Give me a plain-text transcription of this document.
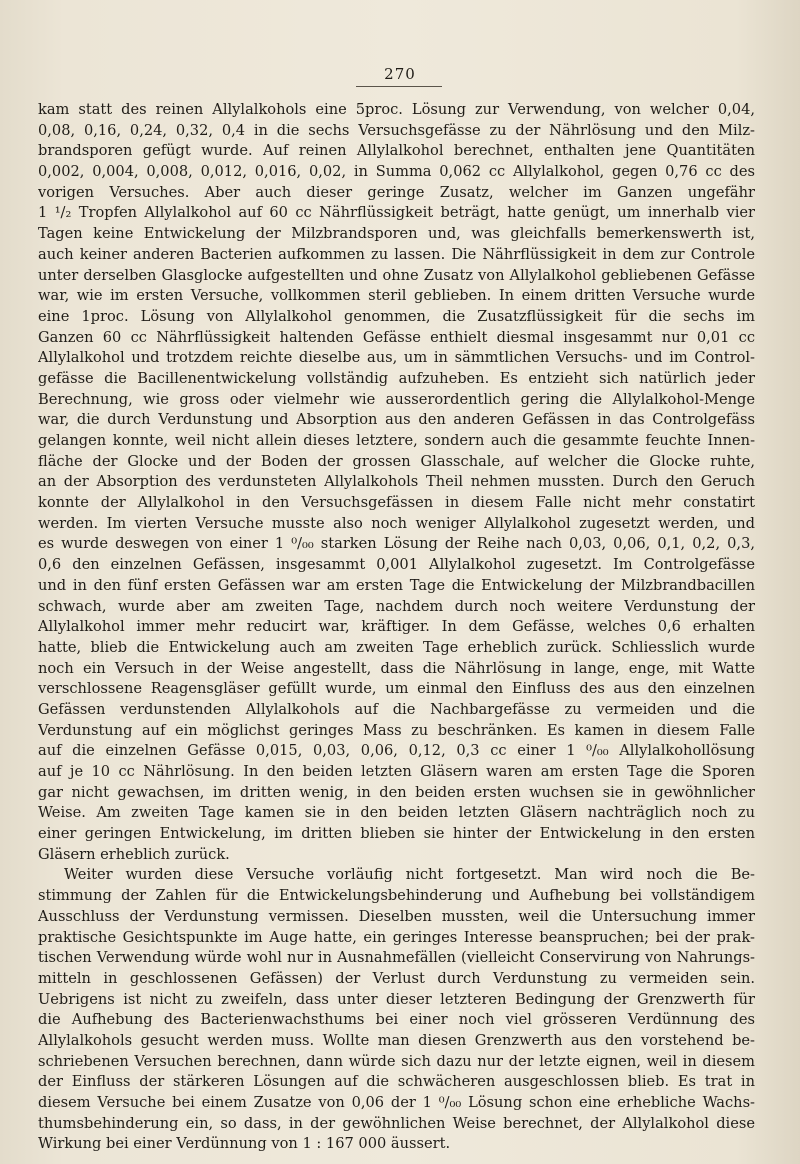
270
kam statt des reinen Allylalkohols eine 5proc. Lösung zur Verwendung, von welcher 0,04,
0,08, 0,16, 0,24, 0,32, 0,4 in die sechs Versuchsgefässe zu der Nährlösung und den Milz-
brandsporen gefügt wurde. Auf reinen Allylalkohol berechnet, enthalten jene Quantitäten
0,002, 0,004, 0,008, 0,012, 0,016, 0,02, in Summa 0,062 cc Allylalkohol, gegen 0,76 cc des
vorigen Versuches. Aber auch dieser geringe Zusatz, welcher im Ganzen ungefähr
1 ¹/₂ Tropfen Allylalkohol auf 60 cc Nährflüssigkeit beträgt, hatte genügt, um innerhalb vier
Tagen keine Entwickelung der Milzbrandsporen und, was gleichfalls bemerkenswerth ist,
auch keiner anderen Bacterien aufkommen zu lassen. Die Nährflüssigkeit in dem zur Controle
unter derselben Glasglocke aufgestellten und ohne Zusatz von Allylalkohol gebliebenen Gefässe
war, wie im ersten Versuche, vollkommen steril geblieben. In einem dritten Versuche wurde
eine 1proc. Lösung von Allylalkohol genommen, die Zusatzflüssigkeit für die sechs im
Ganzen 60 cc Nährflüssigkeit haltenden Gefässe enthielt diesmal insgesammt nur 0,01 cc
Allylalkohol und trotzdem reichte dieselbe aus, um in sämmtlichen Versuchs- und im Control-
gefässe die Bacillenentwickelung vollständig aufzuheben. Es entzieht sich natürlich jeder
Berechnung, wie gross oder vielmehr wie ausserordentlich gering die Allylalkohol-Menge
war, die durch Verdunstung und Absorption aus den anderen Gefässen in das Controlgefäss
gelangen konnte, weil nicht allein dieses letztere, sondern auch die gesammte feuchte Innen-
fläche der Glocke und der Boden der grossen Glasschale, auf welcher die Glocke ruhte,
an der Absorption des verdunsteten Allylalkohols Theil nehmen mussten. Durch den Geruch
konnte der Allylalkohol in den Versuchsgefässen in diesem Falle nicht mehr constatirt
werden. Im vierten Versuche musste also noch weniger Allylalkohol zugesetzt werden, und
es wurde deswegen von einer 1 ⁰/₀₀ starken Lösung der Reihe nach 0,03, 0,06, 0,1, 0,2, 0,3,
0,6 den einzelnen Gefässen, insgesammt 0,001 Allylalkohol zugesetzt. Im Controlgefässe
und in den fünf ersten Gefässen war am ersten Tage die Entwickelung der Milzbrandbacillen
schwach, wurde aber am zweiten Tage, nachdem durch noch weitere Verdunstung der
Allylalkohol immer mehr reducirt war, kräftiger. In dem Gefässe, welches 0,6 erhalten
hatte, blieb die Entwickelung auch am zweiten Tage erheblich zurück. Schliesslich wurde
noch ein Versuch in der Weise angestellt, dass die Nährlösung in lange, enge, mit Watte
verschlossene Reagensgläser gefüllt wurde, um einmal den Einfluss des aus den einzelnen
Gefässen verdunstenden Allylalkohols auf die Nachbargefässe zu vermeiden und die
Verdunstung auf ein möglichst geringes Mass zu beschränken. Es kamen in diesem Falle
auf die einzelnen Gefässe 0,015, 0,03, 0,06, 0,12, 0,3 cc einer 1 ⁰/₀₀ Allylalkohollösung
auf je 10 cc Nährlösung. In den beiden letzten Gläsern waren am ersten Tage die Sporen
gar nicht gewachsen, im dritten wenig, in den beiden ersten wuchsen sie in gewöhnlicher
Weise. Am zweiten Tage kamen sie in den beiden letzten Gläsern nachträglich noch zu
einer geringen Entwickelung, im dritten blieben sie hinter der Entwickelung in den ersten
Gläsern erheblich zurück.
Weiter wurden diese Versuche vorläufig nicht fortgesetzt. Man wird noch die Be-
stimmung der Zahlen für die Entwickelungsbehinderung und Aufhebung bei vollständigem
Ausschluss der Verdunstung vermissen. Dieselben mussten, weil die Untersuchung immer
praktische Gesichtspunkte im Auge hatte, ein geringes Interesse beanspruchen; bei der prak-
tischen Verwendung würde wohl nur in Ausnahmefällen (vielleicht Conservirung von Nahrungs-
mitteln in geschlossenen Gefässen) der Verlust durch Verdunstung zu vermeiden sein.
Uebrigens ist nicht zu zweifeln, dass unter dieser letzteren Bedingung der Grenzwerth für
die Aufhebung des Bacterienwachsthums bei einer noch viel grösseren Verdünnung des
Allylalkohols gesucht werden muss. Wollte man diesen Grenzwerth aus den vorstehend be-
schriebenen Versuchen berechnen, dann würde sich dazu nur der letzte eignen, weil in diesem
der Einfluss der stärkeren Lösungen auf die schwächeren ausgeschlossen blieb. Es trat in
diesem Versuche bei einem Zusatze von 0,06 der 1 ⁰/₀₀ Lösung schon eine erhebliche Wachs-
thumsbehinderung ein, so dass, in der gewöhnlichen Weise berechnet, der Allylalkohol diese
Wirkung bei einer Verdünnung von 1 : 167 000 äussert.
